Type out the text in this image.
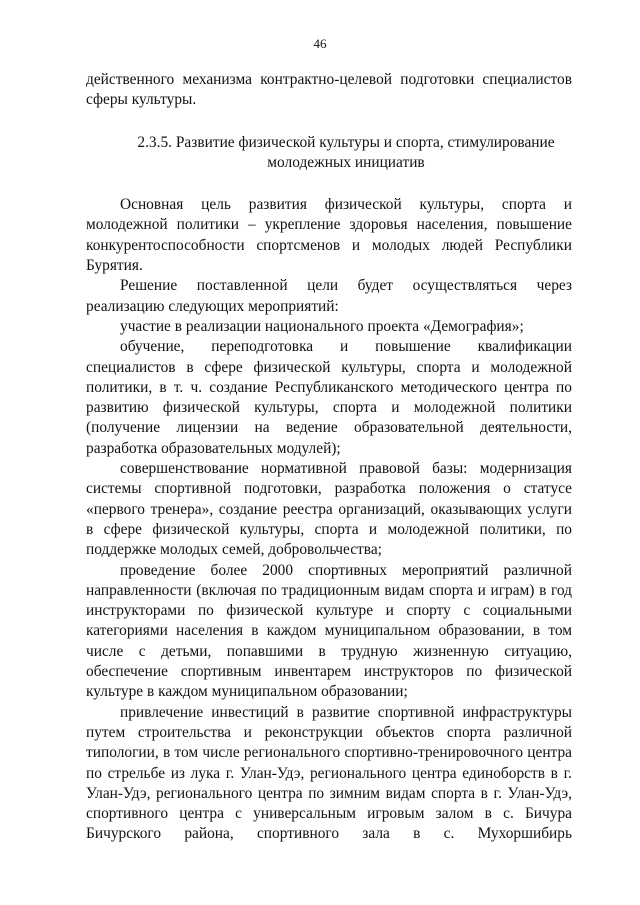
46

действенного механизма контрактно-целевой подготовки специалистов сферы культуры.

2.3.5. Развитие физической культуры и спорта, стимулирование
молодежных инициатив

Основная цель развития физической культуры, спорта и молодежной политики – укрепление здоровья населения, повышение конкурентоспособности спортсменов и молодых людей Республики Бурятия.

Решение поставленной цели будет осуществляться через реализацию следующих мероприятий:

участие в реализации национального проекта «Демография»;

обучение, переподготовка и повышение квалификации специалистов в сфере физической культуры, спорта и молодежной политики, в т. ч. создание Республиканского методического центра по развитию физической культуры, спорта и молодежной политики (получение лицензии на ведение образовательной деятельности, разработка образовательных модулей);

совершенствование нормативной правовой базы: модернизация системы спортивной подготовки, разработка положения о статусе «первого тренера», создание реестра организаций, оказывающих услуги в сфере физической культуры, спорта и молодежной политики, по поддержке молодых семей, добровольчества;

проведение более 2000 спортивных мероприятий различной направленности (включая по традиционным видам спорта и играм) в год инструкторами по физической культуре и спорту с социальными категориями населения в каждом муниципальном образовании, в том числе с детьми, попавшими в трудную жизненную ситуацию, обеспечение спортивным инвентарем инструкторов по физической культуре в каждом муниципальном образовании;

привлечение инвестиций в развитие спортивной инфраструктуры путем строительства и реконструкции объектов спорта различной типологии, в том числе регионального спортивно-тренировочного центра по стрельбе из лука г. Улан-Удэ, регионального центра единоборств в г. Улан-Удэ, регионального центра по зимним видам спорта в г. Улан-Удэ, спортивного центра с универсальным игровым залом в с. Бичура Бичурского района, спортивного зала в с. Мухоршибирь
